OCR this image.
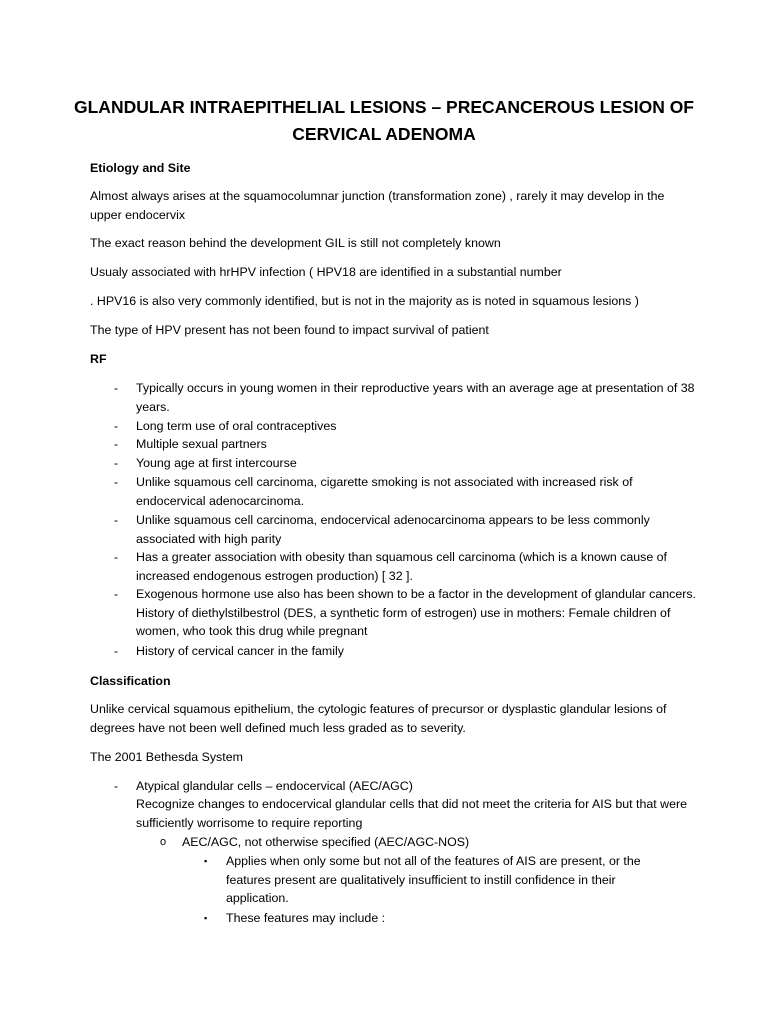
GLANDULAR INTRAEPITHELIAL LESIONS – PRECANCEROUS LESION OF CERVICAL ADENOMA

Etiology and Site

Almost always arises at the squamocolumnar junction (transformation zone) , rarely it may develop in the upper endocervix

The exact reason behind the development GIL is still not completely known

Usualy associated with hrHPV infection ( HPV18 are identified in a substantial number

. HPV16 is also very commonly identified, but is not in the majority as is noted in squamous lesions )

The type of HPV present has not been found to impact survival of patient

RF

- Typically occurs in young women in their reproductive years with an average age at presentation of 38 years.

- Long term use of oral contraceptives

- Multiple sexual partners

- Young age at first intercourse

- Unlike squamous cell carcinoma, cigarette smoking is not associated with increased risk of endocervical adenocarcinoma.

- Unlike squamous cell carcinoma, endocervical adenocarcinoma appears to be less commonly associated with high parity

- Has a greater association with obesity than squamous cell carcinoma (which is a known cause of increased endogenous estrogen production) [ 32 ].

- Exogenous hormone use also has been shown to be a factor in the development of glandular cancers. History of diethylstilbestrol (DES, a synthetic form of estrogen) use in mothers: Female children of women, who took this drug while pregnant

- History of cervical cancer in the family

Classification

Unlike cervical squamous epithelium, the cytologic features of precursor or dysplastic glandular lesions of degrees have not been well defined much less graded as to severity.

The 2001 Bethesda System

- Atypical glandular cells – endocervical (AEC/AGC)

Recognize changes to endocervical glandular cells that did not meet the criteria for AIS but that were sufficiently worrisome to require reporting

o AEC/AGC, not otherwise specified (AEC/AGC-NOS)

▪ Applies when only some but not all of the features of AIS are present, or the features present are qualitatively insufficient to instill confidence in their application.

▪ These features may include :
